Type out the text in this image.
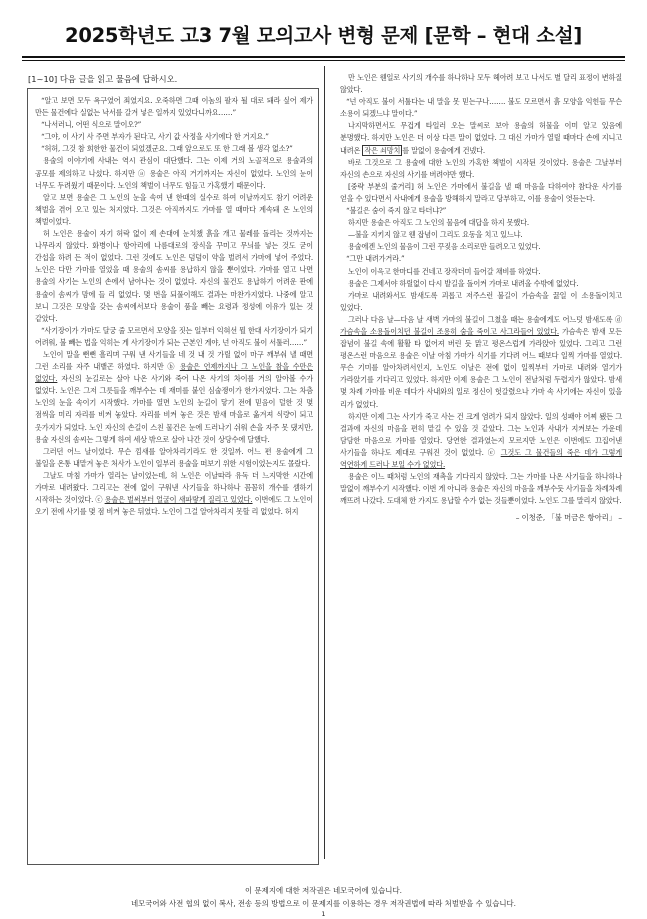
2025학년도 고3 7월 모의고사 변형 문제 [문학 – 현대 소설]
[1~10] 다음 글을 읽고 물음에 답하시오.

“알고 보면 모두 욕구였어 죄였지요. 오죽하면 그때 이놈의 팔자 될 대로 돼라 싶어 제가 만든 물건에다 실없는 낙서를 갈겨 넣은 일까지 있었다니까요……”

“나서러니, 어떤 식으로 말이오?”

“그야, 이 사기 사 주면 부자가 된다고, 사기 값 사정을 사기에다 한 거지요.”

“허허, 그것 참 희한한 물건이 되었겠군요. 그래 앞으로도 또 한 그래 볼 생각 없소?”

용술의 이야기에 사내는 역시 관심이 대단했다. 그는 이제 거의 노골적으로 용술과의 공모를 제의하고 나섰다. 하지만 ⓐ 용술은 아직 거기까지는 자신이 없었다. 노인의 눈이 너무도 두려웠기 때문이다. 노인의 책벌이 너무도 힘들고 가혹했기 때문이다.

알고 보면 용술은 그 노인의 눈을 속여 낸 한때의 실수로 하여 이날까지도 참기 어려운 책벌을 겪어 오고 있는 처지였다. 그것은 아직까지도 가마를 열 때마다 계속돼 온 노인의 책벌이었다.

허 노인은 용술이 자기 허락 없이 제 손대에 눈치챘 흙을 개고 물레를 돌리는 것까지는 나무라지 않았다. 화병이나 항아리에 나름대로의 장식을 꾸미고 무늬를 넣는 것도 굳이 간섭을 하려 든 적이 없었다. 그런 것에도 노인은 덤덤이 약을 벌려서 가마에 넣어 주었다. 노인은 다만 가마를 열었을 때 용술의 솜씨를 용납하지 않을 뿐이었다. 가마를 열고 나면 용술의 사기는 노인의 손에서 남아나는 것이 없었다. 자신의 물건도 용납하기 어려운 판에 용술이 솜씨가 맘에 들 리 없었다. 몇 번을 되풀이해도 결과는 마찬가지였다. 나중에 알고 보니 그것은 모양을 갖는 솜씨에서보다 용술이 품을 빼는 요령과 정성에 이유가 있는 것 같았다.

“사기장이가 가마도 달궁 줄 모르면서 모양을 짓는 일부터 익혀선 뭘 한대 사기장이가 되기 어려워, 불 빼는 법을 익히는 게 사기장이가 되는 근본인 게야, 넌 아직도 불이 서툴러……”

노인이 말을 뻔뻔 흘리며 구워 낸 사기들을 네 것 내 것 가릴 없이 마구 깨부숴 낼 때면 그런 소리를 자주 내뱉곤 하였다. 하지만 ⓑ 용술은 언제까지나 그 노인을 참을 수만은 없었다. 자신의 눈길로는 살아 나온 사기와 죽어 나온 사기의 차이를 거의 알아볼 수가 없었다. 노인은 그저 그릇들을 깨부수는 데 재미를 붙인 심술쟁이가 한가지였다. 그는 차츰 노인의 눈을 속이기 시작했다. 가마를 열면 노인의 눈길이 닿기 전에 믿음이 덜한 것 몇 점씩을 미리 자리를 비켜 놓았다. 자리를 비켜 놓은 것은 밤새 마을로 옮겨져 식량이 되고 옷가지가 되었다. 노인 자신의 손길이 스친 물건은 눈에 드러나기 쉬워 손을 자주 못 댔지만, 용술 자신의 솜씨는 그렇게 하여 세상 밖으로 살아 나간 것이 상당수에 달했다.

그러던 어느 날이었다. 무슨 낌새를 알아차리기라도 한 것일까. 어느 편 용술에게 그 불일을 온통 내맡겨 놓은 처사가 노인이 일부러 용술을 떠보기 위한 시험이었는지도 몰랐다.

그날도 마침 가마가 열리는 날이었는데, 허 노인은 이날따라 유독 더 느지막한 시간에 가마로 내려왔다. 그리고는 전에 없이 구워낸 사기들을 하나하나 꼼꼼히 개수를 셈하기 시작하는 것이었다. ⓒ 용술은 벌써부터 얼굴이 새파랗게 질리고 있었다. 이번에도 그 노인이 오기 전에 사기를 몇 점 비켜 놓은 뒤였다. 노인이 그걸 알아차리지 못할 리 없었다. 허지

만 노인은 웬일로 사기의 개수를 하나하나 모두 헤아려 보고 나서도 별 달리 표정이 변하질 않았다.

“넌 아직도 불이 서툴다는 내 말을 못 믿는구나……. 불도 모르면서 흙 모양을 익힌들 무슨 소용이 되겠느냐 말이다.”

나지막하면서도 무겁게 타일러 오는 말씨로 보아 용술의 허물을 이미 알고 있음에 분명했다. 하지만 노인은 더 이상 다른 말이 없었다. 그 대신 가마가 열릴 때마다 손에 지니고 내려온 작은 쇠망치 를 말없이 용술에게 건넸다.

바로 그것으로 그 용술에 대한 노인의 가혹한 책벌이 시작된 것이었다. 용술은 그날부터 자신의 손으로 자신의 사기를 버려야만 했다.

[중략 부분의 줄거리] 허 노인은 가마에서 불길을 낼 때 마음을 다하여야 참다운 사기를 얻을 수 있다면서 사내에게 용술을 방해하지 말라고 당부하고, 이를 용술이 엿듣는다.

“불길은 숨이 죽지 않고 타더냐?”

하지만 용술은 아직도 그 노인의 물음에 대답을 하지 못했다.

—불을 지키지 않고 웬 잡념이 그리도 요동을 치고 있느냐.

용술에겐 노인의 물음이 그런 꾸짖음 소리로만 들려오고 있었다.

“그만 내려가거라.”

노인이 이윽고 한마디를 건네고 장작더미 들어갈 채비를 하였다.

용술은 그제서야 하릴없이 다시 발길을 돌이켜 가마로 내려올 수밖에 없었다.

가마로 내려와서도 밤새도록 괴롭고 저주스런 불길이 가슴속을 끓일 이 소용돌이치고 있었다.

그러나 다음 날—다음 날 새벽 가마의 불길이 그쳤을 때는 용술에게도 어느덧 밤새도록 ⓓ 가슴속을 소용돌이치던 불길이 조용히 숨을 죽이고 사그라들어 있었다. 가슴속은 밤새 모든 잡념이 불길 속에 활활 타 없어져 버린 듯 맑고 평온스럽게 가라앉아 있었다. 그리고 그런 평온스런 마음으로 용술은 이날 아침 가마가 식기를 기다려 어느 때보다 일찍 가마를 열었다. 무슨 기미를 알아차려서인지, 노인도 이날은 전에 없이 일찍부터 가마로 내려와 열기가 가라앉기를 기다리고 있었다. 하지만 이제 용술은 그 노인이 전날처럼 두렵지가 않았다. 밤새 몇 차례 가마를 비운 데다가 사내와의 일로 정신이 헛갈렸으나 가마 속 사기에는 자신이 있을 리가 없었다.

하지만 이제 그는 사기가 죽고 사는 건 크게 염려가 되지 않았다. 일의 성패야 어찌 됐든 그 결과에 자신의 마음을 편히 맡길 수 있을 것 같았다. 그는 노인과 사내가 지켜보는 가운데 담담한 마음으로 가마를 열었다. 당연한 결과였는지 모르지만 노인은 이번에도 끄집어낸 사기들을 하나도 제대로 구워진 것이 없었다. ⓔ 그것도 그 물건들의 죽은 데가 그렇게 역연하게 드러나 보일 수가 없었다.

용술은 이느 때처럼 노인의 재촉을 기다리지 않았다. 그는 가마를 나온 사기들을 하나하나 말없이 깨부수기 시작했다. 이번 게 아니라 용술은 자신의 마음을 깨부수듯 사기들을 차례차례 깨뜨려 나갔다. 도대체 한 가지도 용납할 수가 없는 것들뿐이었다. 노인도 그를 말리지 않았다.

– 이청준, 「불 머금은 항아리」 –

이 문제지에 대한 저작권은 네모국어에 있습니다.
네모국어와 사전 협의 없이 복사, 전송 등의 방법으로 이 문제지를 이용하는 경우 저작권법에 따라 처벌받을 수 있습니다.
1
